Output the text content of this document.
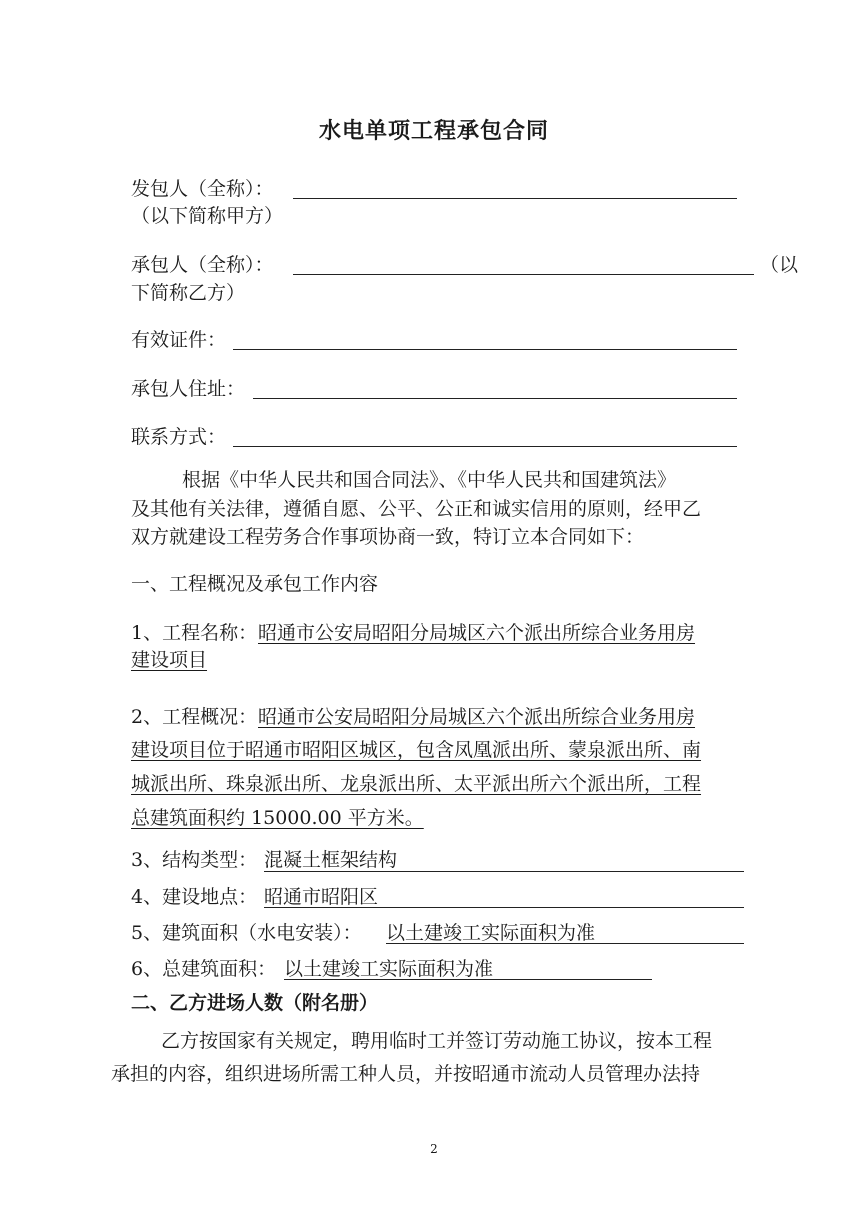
水电单项工程承包合同
发包人（全称）：
（以下简称甲方）
承包人（全称）：	（以
下简称乙方）
有效证件：
承包人住址：
联系方式：
根据《中华人民共和国合同法》、《中华人民共和国建筑法》
及其他有关法律，遵循自愿、公平、公正和诚实信用的原则，经甲乙
双方就建设工程劳务合作事项协商一致，特订立本合同如下：
一、工程概况及承包工作内容
1、工程名称： 昭通市公安局昭阳分局城区六个派出所综合业务用房
建设项目
2、工程概况： 昭通市公安局昭阳分局城区六个派出所综合业务用房
建设项目位于昭通市昭阳区城区，包含凤凰派出所、蒙泉派出所、南
城派出所、珠泉派出所、龙泉派出所、太平派出所六个派出所，工程
总建筑面积约 15000.00 平方米。
3、结构类型： 混凝土框架结构
4、建设地点： 昭通市昭阳区
5、建筑面积（水电安装）： 以土建竣工实际面积为准
6、总建筑面积： 以土建竣工实际面积为准
二、乙方进场人数（附名册）
乙方按国家有关规定，聘用临时工并签订劳动施工协议，按本工程
承担的内容，组织进场所需工种人员，并按昭通市流动人员管理办法持
2
